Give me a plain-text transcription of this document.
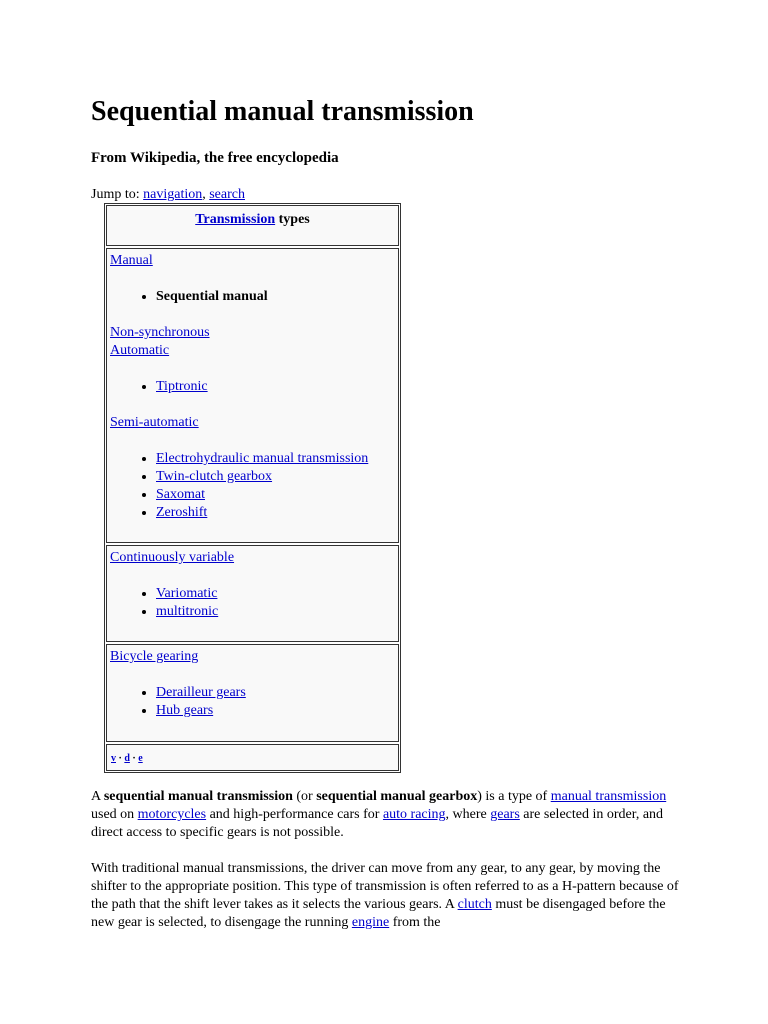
Sequential manual transmission

From Wikipedia, the free encyclopedia

Jump to: navigation, search
Transmission types
Manual
• Sequential manual
Non-synchronous
Automatic
• Tiptronic
Semi-automatic
• Electrohydraulic manual transmission
• Twin-clutch gearbox
• Saxomat
• Zeroshift
Continuously variable
• Variomatic
• multitronic
Bicycle gearing
• Derailleur gears
• Hub gears
v · d · e

A sequential manual transmission (or sequential manual gearbox) is a type of manual transmission used on motorcycles and high-performance cars for auto racing, where gears are selected in order, and direct access to specific gears is not possible.

With traditional manual transmissions, the driver can move from any gear, to any gear, by moving the shifter to the appropriate position. This type of transmission is often referred to as a H-pattern because of the path that the shift lever takes as it selects the various gears. A clutch must be disengaged before the new gear is selected, to disengage the running engine from the
